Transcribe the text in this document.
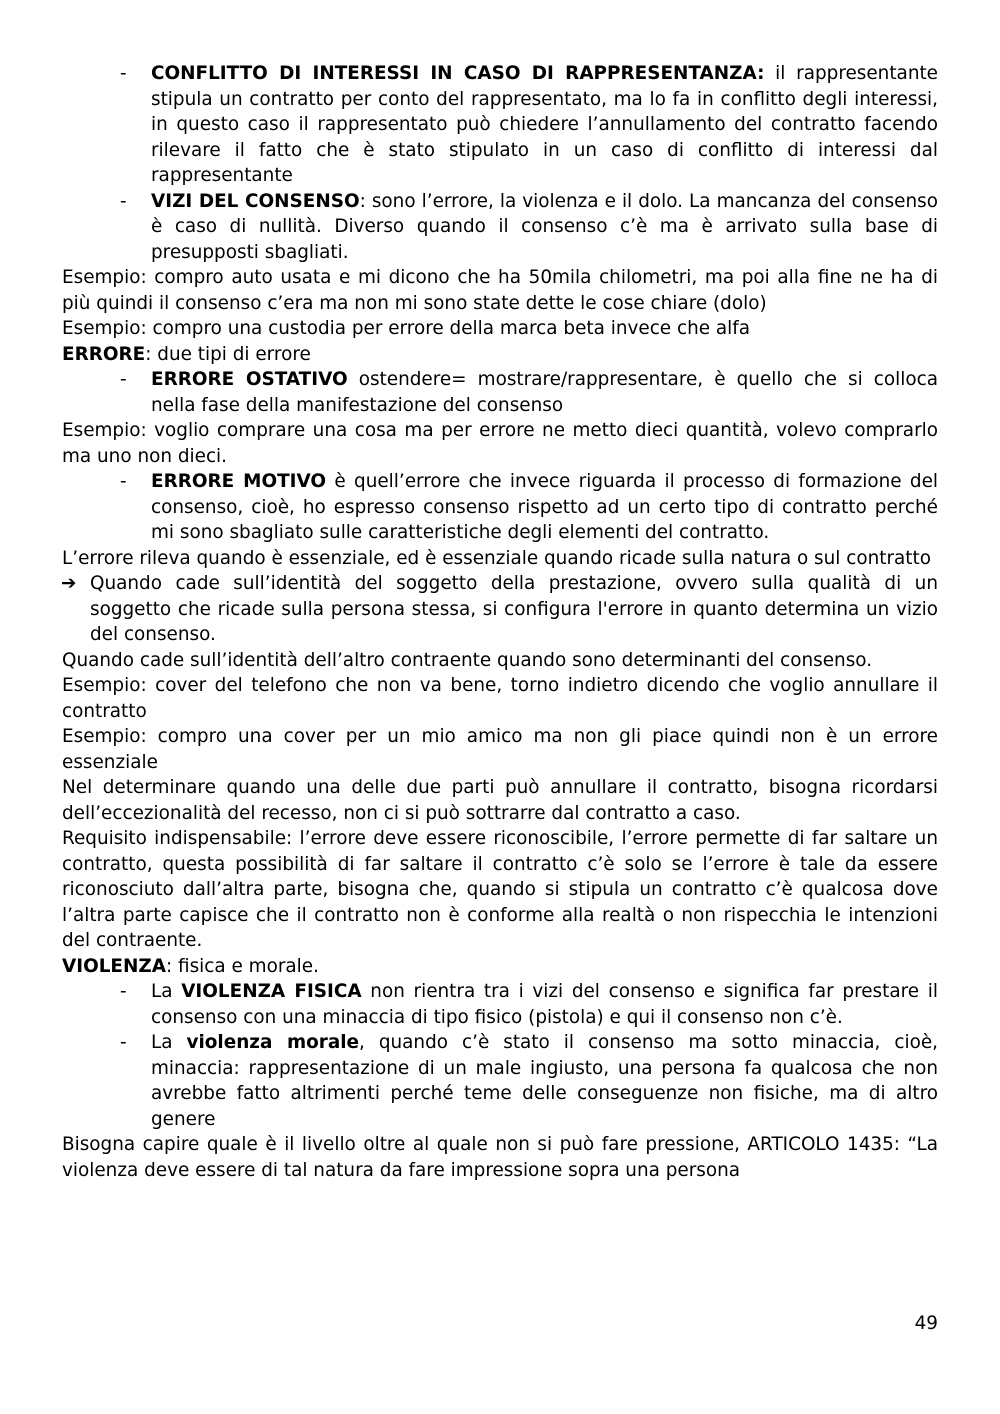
- CONFLITTO DI INTERESSI IN CASO DI RAPPRESENTANZA: il rappresentante stipula un contratto per conto del rappresentato, ma lo fa in conflitto degli interessi, in questo caso il rappresentato può chiedere l’annullamento del contratto facendo rilevare il fatto che è stato stipulato in un caso di conflitto di interessi dal rappresentante
- VIZI DEL CONSENSO: sono l’errore, la violenza e il dolo. La mancanza del consenso è caso di nullità. Diverso quando il consenso c’è ma è arrivato sulla base di presupposti sbagliati.
Esempio: compro auto usata e mi dicono che ha 50mila chilometri, ma poi alla fine ne ha di più quindi il consenso c’era ma non mi sono state dette le cose chiare (dolo)
Esempio: compro una custodia per errore della marca beta invece che alfa
ERRORE: due tipi di errore
- ERRORE OSTATIVO ostendere= mostrare/rappresentare, è quello che si colloca nella fase della manifestazione del consenso
Esempio: voglio comprare una cosa ma per errore ne metto dieci quantità, volevo comprarlo ma uno non dieci.
- ERRORE MOTIVO è quell’errore che invece riguarda il processo di formazione del consenso, cioè, ho espresso consenso rispetto ad un certo tipo di contratto perché mi sono sbagliato sulle caratteristiche degli elementi del contratto.
L’errore rileva quando è essenziale, ed è essenziale quando ricade sulla natura o sul contratto
➔ Quando cade sull’identità del soggetto della prestazione, ovvero sulla qualità di un soggetto che ricade sulla persona stessa, si configura l'errore in quanto determina un vizio del consenso.
Quando cade sull’identità dell’altro contraente quando sono determinanti del consenso.
Esempio: cover del telefono che non va bene, torno indietro dicendo che voglio annullare il contratto
Esempio: compro una cover per un mio amico ma non gli piace quindi non è un errore essenziale
Nel determinare quando una delle due parti può annullare il contratto, bisogna ricordarsi dell’eccezionalità del recesso, non ci si può sottrarre dal contratto a caso.
Requisito indispensabile: l’errore deve essere riconoscibile, l’errore permette di far saltare un contratto, questa possibilità di far saltare il contratto c’è solo se l’errore è tale da essere riconosciuto dall’altra parte, bisogna che, quando si stipula un contratto c’è qualcosa dove l’altra parte capisce che il contratto non è conforme alla realtà o non rispecchia le intenzioni del contraente.
VIOLENZA: fisica e morale.
- La VIOLENZA FISICA non rientra tra i vizi del consenso e significa far prestare il consenso con una minaccia di tipo fisico (pistola) e qui il consenso non c’è.
- La violenza morale, quando c’è stato il consenso ma sotto minaccia, cioè, minaccia: rappresentazione di un male ingiusto, una persona fa qualcosa che non avrebbe fatto altrimenti perché teme delle conseguenze non fisiche, ma di altro genere
Bisogna capire quale è il livello oltre al quale non si può fare pressione, ARTICOLO 1435: “La violenza deve essere di tal natura da fare impressione sopra una persona
49
